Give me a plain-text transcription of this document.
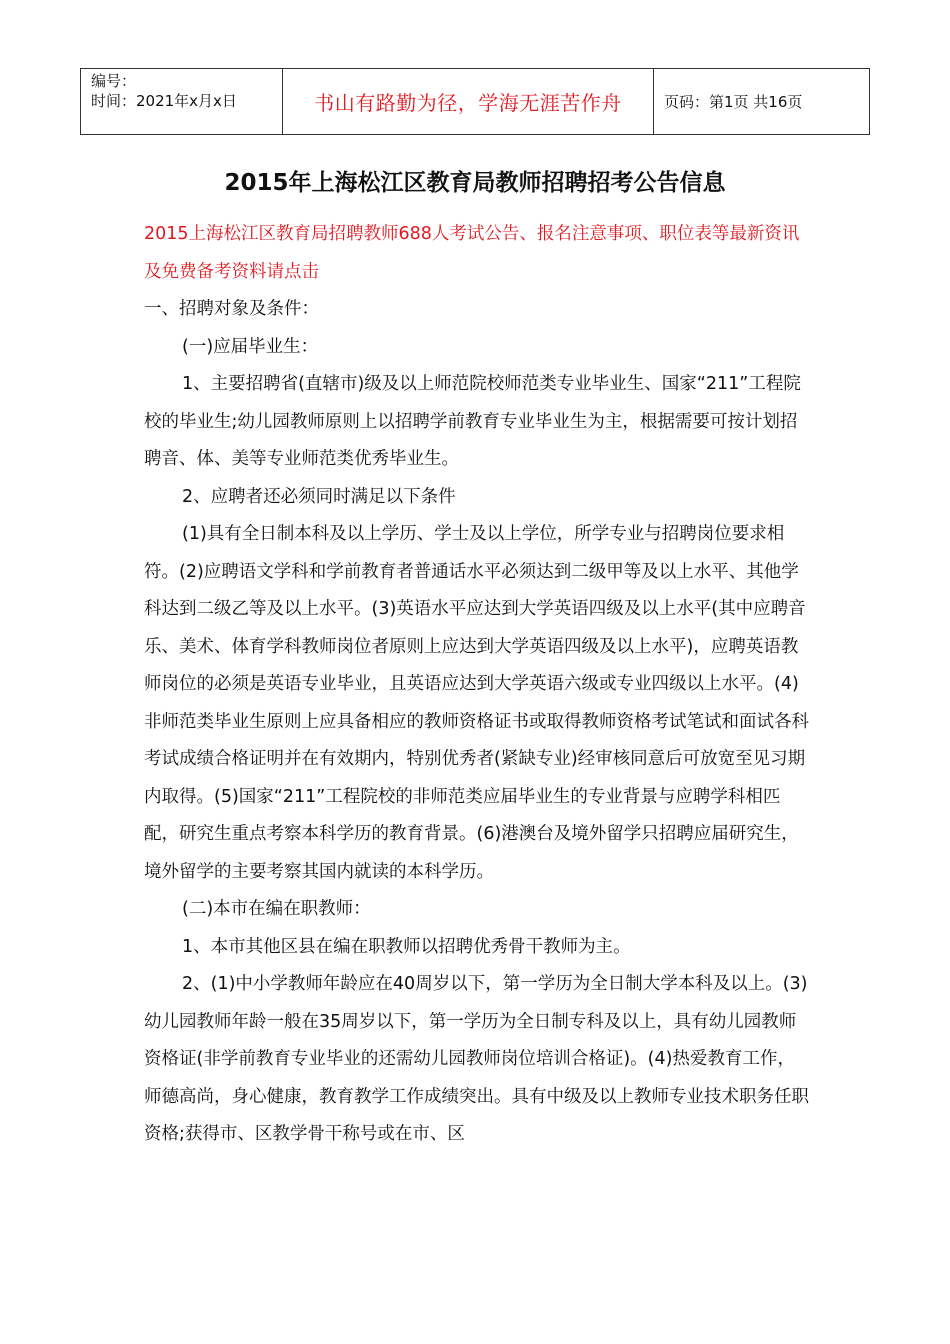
编号：
时间：2021年x月x日	书山有路勤为径，学海无涯苦作舟	页码：第1页 共16页
2015年上海松江区教育局教师招聘招考公告信息

2015上海松江区教育局招聘教师688人考试公告、报名注意事项、职位表等最新资讯及免费备考资料请点击

一、招聘对象及条件：

(一)应届毕业生：

1、主要招聘省(直辖市)级及以上师范院校师范类专业毕业生、国家“211”工程院校的毕业生;幼儿园教师原则上以招聘学前教育专业毕业生为主，根据需要可按计划招聘音、体、美等专业师范类优秀毕业生。

2、应聘者还必须同时满足以下条件

(1)具有全日制本科及以上学历、学士及以上学位，所学专业与招聘岗位要求相符。(2)应聘语文学科和学前教育者普通话水平必须达到二级甲等及以上水平、其他学科达到二级乙等及以上水平。(3)英语水平应达到大学英语四级及以上水平(其中应聘音乐、美术、体育学科教师岗位者原则上应达到大学英语四级及以上水平)，应聘英语教师岗位的必须是英语专业毕业，且英语应达到大学英语六级或专业四级以上水平。(4)非师范类毕业生原则上应具备相应的教师资格证书或取得教师资格考试笔试和面试各科考试成绩合格证明并在有效期内，特别优秀者(紧缺专业)经审核同意后可放宽至见习期内取得。(5)国家“211”工程院校的非师范类应届毕业生的专业背景与应聘学科相匹配，研究生重点考察本科学历的教育背景。(6)港澳台及境外留学只招聘应届研究生，境外留学的主要考察其国内就读的本科学历。

(二)本市在编在职教师：

1、本市其他区县在编在职教师以招聘优秀骨干教师为主。

2、(1)中小学教师年龄应在40周岁以下，第一学历为全日制大学本科及以上。(3)幼儿园教师年龄一般在35周岁以下，第一学历为全日制专科及以上，具有幼儿园教师资格证(非学前教育专业毕业的还需幼儿园教师岗位培训合格证)。(4)热爱教育工作，师德高尚，身心健康，教育教学工作成绩突出。具有中级及以上教师专业技术职务任职资格;获得市、区教学骨干称号或在市、区
